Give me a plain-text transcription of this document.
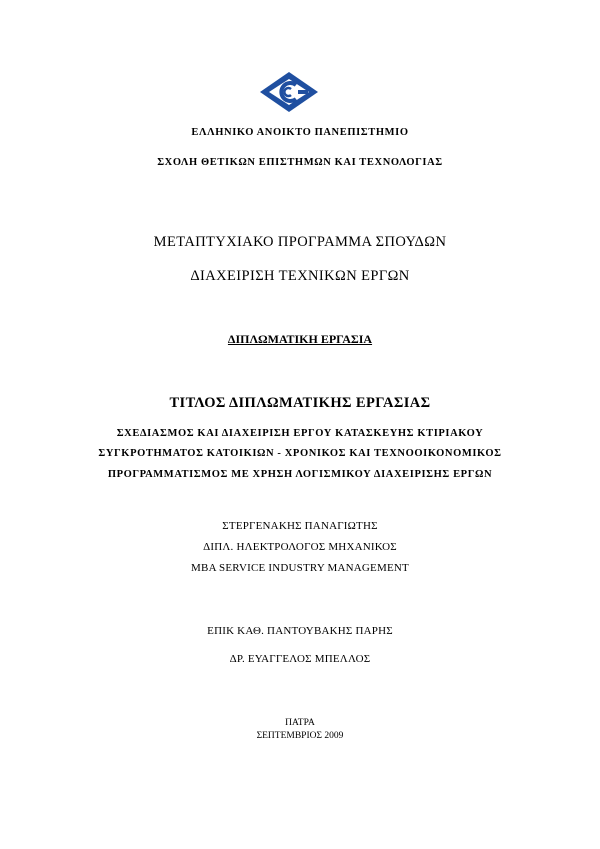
ΕΛΛΗΝΙΚΟ ΑΝΟΙΚΤΟ ΠΑΝΕΠΙΣΤΗΜΙΟ
ΣΧΟΛΗ ΘΕΤΙΚΩΝ ΕΠΙΣΤΗΜΩΝ ΚΑΙ ΤΕΧΝΟΛΟΓΙΑΣ
ΜΕΤΑΠΤΥΧΙΑΚΟ ΠΡΟΓΡΑΜΜΑ ΣΠΟΥΔΩΝ
ΔΙΑΧΕΙΡΙΣΗ ΤΕΧΝΙΚΩΝ ΕΡΓΩΝ
ΔΙΠΛΩΜΑΤΙΚΗ ΕΡΓΑΣΙΑ
ΤΙΤΛΟΣ ΔΙΠΛΩΜΑΤΙΚΗΣ ΕΡΓΑΣΙΑΣ
ΣΧΕΔΙΑΣΜΟΣ ΚΑΙ ΔΙΑΧΕΙΡΙΣΗ ΕΡΓΟΥ ΚΑΤΑΣΚΕΥΗΣ ΚΤΙΡΙΑΚΟΥ
ΣΥΓΚΡΟΤΗΜΑΤΟΣ ΚΑΤΟΙΚΙΩΝ - ΧΡΟΝΙΚΟΣ ΚΑΙ ΤΕΧΝΟΟΙΚΟΝΟΜΙΚΟΣ
ΠΡΟΓΡΑΜΜΑΤΙΣΜΟΣ ΜΕ ΧΡΗΣΗ ΛΟΓΙΣΜΙΚΟΥ ΔΙΑΧΕΙΡΙΣΗΣ ΕΡΓΩΝ
ΣΤΕΡΓΕΝΑΚΗΣ ΠΑΝΑΓΙΩΤΗΣ
ΔΙΠΛ. ΗΛΕΚΤΡΟΛΟΓΟΣ ΜΗΧΑΝΙΚΟΣ
MBA SERVICE INDUSTRY MANAGEMENT
ΕΠΙΚ ΚΑΘ. ΠΑΝΤΟΥΒΑΚΗΣ ΠΑΡΗΣ
ΔΡ. ΕΥΑΓΓΕΛΟΣ ΜΠΕΛΛΟΣ
ΠΑΤΡΑ
ΣΕΠΤΕΜΒΡΙΟΣ 2009
